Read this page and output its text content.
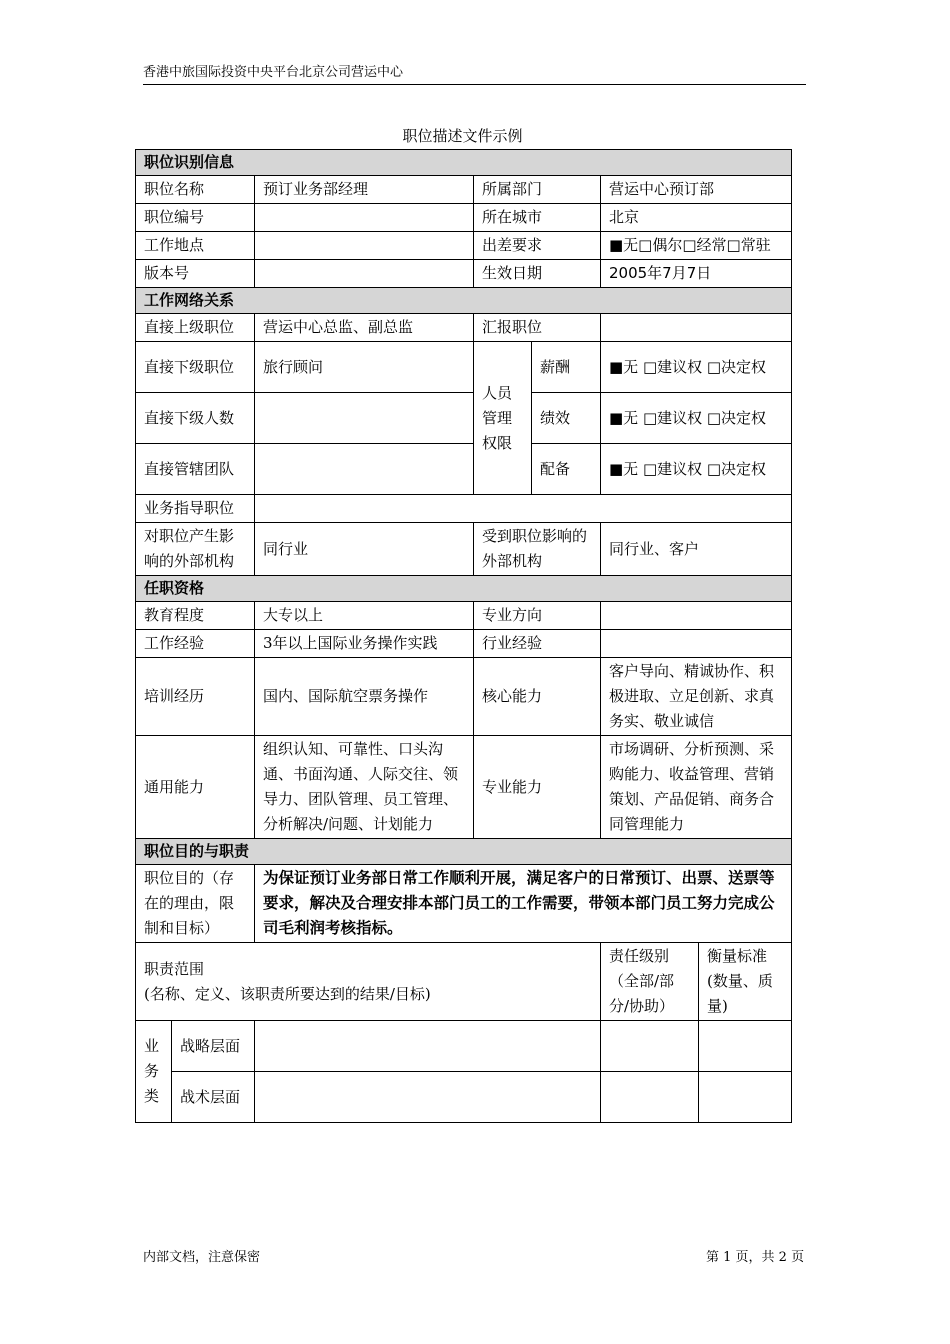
香港中旅国际投资中央平台北京公司营运中心
职位描述文件示例
职位识别信息						
职位名称		预订业务部经理	所属部门		营运中心预订部	
职位编号			所在城市		北京	
工作地点			出差要求		■无□偶尔□经常□常驻	
版本号			生效日期		2005年7月7日	
工作网络关系						
直接上级职位		营运中心总监、副总监	汇报职位			
直接下级职位		旅行顾问	人员管理权限	薪酬	■无 □建议权 □决定权	
直接下级人数				绩效	■无 □建议权 □决定权	
直接管辖团队				配备	■无 □建议权 □决定权	
业务指导职位						
对职位产生影响的外部机构		同行业	受到职位影响的外部机构		同行业、客户	
任职资格						
教育程度		大专以上	专业方向			
工作经验		3年以上国际业务操作实践	行业经验			
培训经历		国内、国际航空票务操作	核心能力		客户导向、精诚协作、积极进取、立足创新、求真务实、敬业诚信	
通用能力		组织认知、可靠性、口头沟通、书面沟通、人际交往、领导力、团队管理、员工管理、分析解决/问题、计划能力	专业能力		市场调研、分析预测、采购能力、收益管理、营销策划、产品促销、商务合同管理能力	
职位目的与职责						
职位目的（存在的理由，限制和目标）		为保证预订业务部日常工作顺利开展，满足客户的日常预订、出票、送票等要求，解决及合理安排本部门员工的工作需要，带领本部门员工努力完成公司毛利润考核指标。				

职责范围
(名称、定义、该职责所要达到的结果/目标)					责任级别（全部/部分/协助）	衡量标准(数量、质量)
业务类	战略层面					
	战术层面					
内部文档，注意保密	第 1 页，共 2 页
